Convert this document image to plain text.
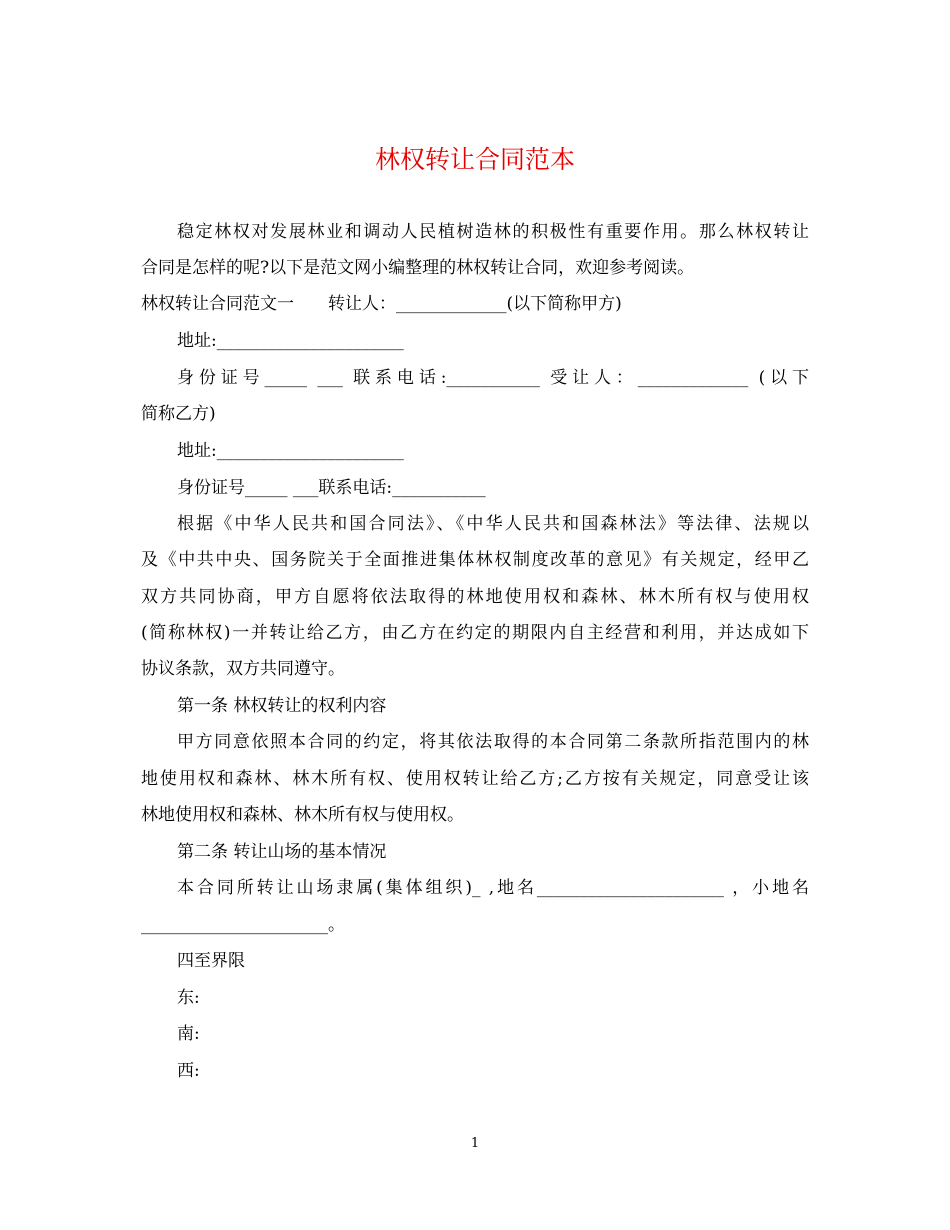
林权转让合同范本
稳定林权对发展林业和调动人民植树造林的积极性有重要作用。那么林权转让
合同是怎样的呢?以下是范文网小编整理的林权转让合同，欢迎参考阅读。
林权转让合同范文一　　转让人：_____________(以下简称甲方)
地址:______________________
身份证号_____ ___ 联系电话:___________ 受让人：_____________ (以下
简称乙方)
地址:______________________
身份证号_____ ___联系电话:___________
根据《中华人民共和国合同法》、《中华人民共和国森林法》等法律、法规以
及《中共中央、国务院关于全面推进集体林权制度改革的意见》有关规定，经甲乙
双方共同协商，甲方自愿将依法取得的林地使用权和森林、林木所有权与使用权
(简称林权)一并转让给乙方，由乙方在约定的期限内自主经营和利用，并达成如下
协议条款，双方共同遵守。
第一条 林权转让的权利内容
甲方同意依照本合同的约定，将其依法取得的本合同第二条款所指范围内的林
地使用权和森林、林木所有权、使用权转让给乙方;乙方按有关规定，同意受让该
林地使用权和森林、林木所有权与使用权。
第二条 转让山场的基本情况
本合同所转让山场隶属(集体组织)_ ,地名______________________ ，小地名
______________________。
四至界限
东:
南:
西:
1
